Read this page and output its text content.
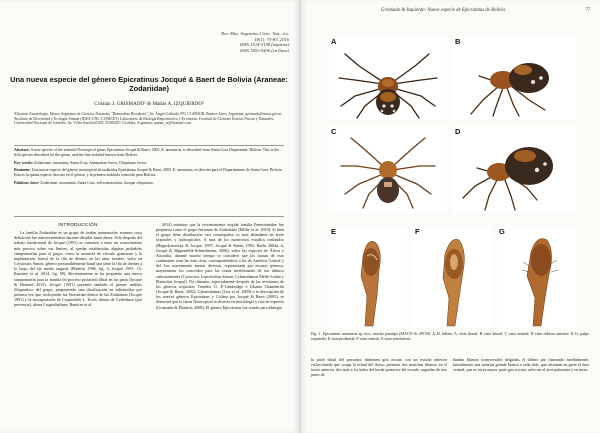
Rev. Mus. Argentino Cienc. Nat., n.s.
18(1): 75-83, 2016
ISSN 1514-5158 (impresa)
ISSN 1853-0400 (en línea)
Una nueva especie del género Epicratinus Jocqué & Baert de Bolivia (Araneae: Zodariidae)
Cristian J. GRISMADO¹ & Matías A. IZQUIERDO²
¹División Aracnología, Museo Argentino de Ciencias Naturales "Bernardino Rivadavia", Av. Ángel Gallardo 470, C1405DJR, Buenos Aires, Argentina; grismado@macn.gov.ar. ²Instituto de Diversidad y Ecología Animal (IDEA-UNC-CONICET) Laboratorio de Biología Reproductiva y Evolución. Facultad de Ciencias Exactas Físicas y Naturales, Universidad Nacional de Córdoba. Av. Vélez Sarsfield 299, X5000JJC Córdoba, Argentina; matias_iz@hotmail.com

Abstract: A new species of the zodariid Neotropical genus Epicratinus Jocqué & Baert, 2005, E. anomurus, is described from Santa Cruz Department, Bolivia. This is the fifth species described for the genus, and the first zodariid known from Bolivia.

Key words: Zodariinae, taxonomy, Santa Cruz, Amazonian forest, Chiquitano forest.

Resumen: Una nueva especie del género neotropical de zodáridos Epicratinus Jocqué & Baert, 2005, E. anomurus, es descrita para el Departamento de Santa Cruz, Bolivia. Esta es la quinta especie descrita en el género, y la primera zodárida conocida para Bolivia.

Palabras clave: Zodariinae, taxonomía, Santa Cruz, selva amazónica, bosque chiquitano.

INTRODUCCIÓN

La familia Zodariidae es un grupo de arañas aranemorfas errantes cuya definición fue transformándose durante décadas hasta ahora. Sólo después del trabajo fundacional de Jocqué (1991) se comenzó a tener un conocimiento más preciso sobre sus límites, al quedar establecidas algunas probables sinapomorfías para el grupo, como la ausencia de cérvulo grantuoso y la implantación lateral de la fila de dientes en las uñas tarsales, salvo en Cryssostus Simon, género presumiblemente basal que tiene la fila de dientes a lo largo del eje medio unguial (Platnick 1986, fig. 3; Jocqué 1991: 15; Ramírez et al. 2014, fig. 89). Recientemente se ha propuesto una nueva sinapomorfía para la familia (el proceso prolateral tibial en las patas (Jocqué & Henrard 2015). Jocqué (1991) presentó también el primer análisis filogenético del grupo, proponiendo una clasificación en subfamilias por primera vez que, incluyendo las Storenidae dentro de las Zodariinae (Jocqué 1991) y la incorporación de Cryptothele L. Koch, dentro de Cydrelinae (por presencia), ahora Cryptothelinae; Ramírez et al.

2014) mientras que la recientemente erigida familia Penestomidae fue propuesta como el grupo hermano de Zodariidae (Miller et al. 2010). Si bien el grupo tiene distribución casi cosmopolita, es más abundante en áreas tropicales y subtropicales. A más de los numerosos estudios realizados (Hippolysmirsky & Jocqué, 1997; Jocqué & Baehr, 1992; Baehr 2004a, b; Jocqué & Bippenfeldt-Schmelmann, 2006), sobre las especies de África y Australia, durante mucho tiempo se consideró que las faunas de esas continentes eran las más ricas, contraponiéndose a las de América Central y del Sur, nuevamente menos diversas, representada por escasos géneros, mayormente los conocidos para las zonas meridionales de sus últimos subcontinentes (Cyrioctea, Leprolochus Simon, Cybaeodamus Mello-Leitão y Platnickia Jocqué). No obstante, especialmente después de las revisiones de los géneros tropicales Tenedos O. P.-Cambridge e Ishania Chamberlin (Jocqué & Baert, 2002), Cybaeodamus (Lise et al. 2009) o la descripción de los nuevos géneros Epicratinus y Colima por Jocqué & Baert (2005), se demostró que la fauna Neotropical es diversa en morfología y rica en especies (Grismado & Platnick, 2008). El género Epicratinus fue creado para albergar

Grismado & Izquierdo: Nueva especie de Epicratinus de Bolivia	77
A	B
C	D
E	F	G
Fig. 1. Epicratinus anomurus sp. nov., macho paratipo (MACN-Ar 29150). A–D, hábito; A, vista dorsal; B vista lateral; C vista ventral; D vista oblicua anterior; E–G, palpo izquierdo; E vista prolateral; F vista ventral; G vista retrolateral.

la parte distal del prosoma; abdomen gris oscuro con un escudo anterior esclerotizado que ocupa la mitad del dorso; presenta dos manchas blancas en el tercio anterior, dos más a los lados del borde posterior del escudo, seguidas de tres pares de

bandas blancas transversales delgadas, el último par fusionado medialmente; lateralmente una mancha grande blanca a cada lado, que alcanzan en parte el área ventral, que es en su mayor parte gris oscura, salvo en el área pulmonar y en torno
